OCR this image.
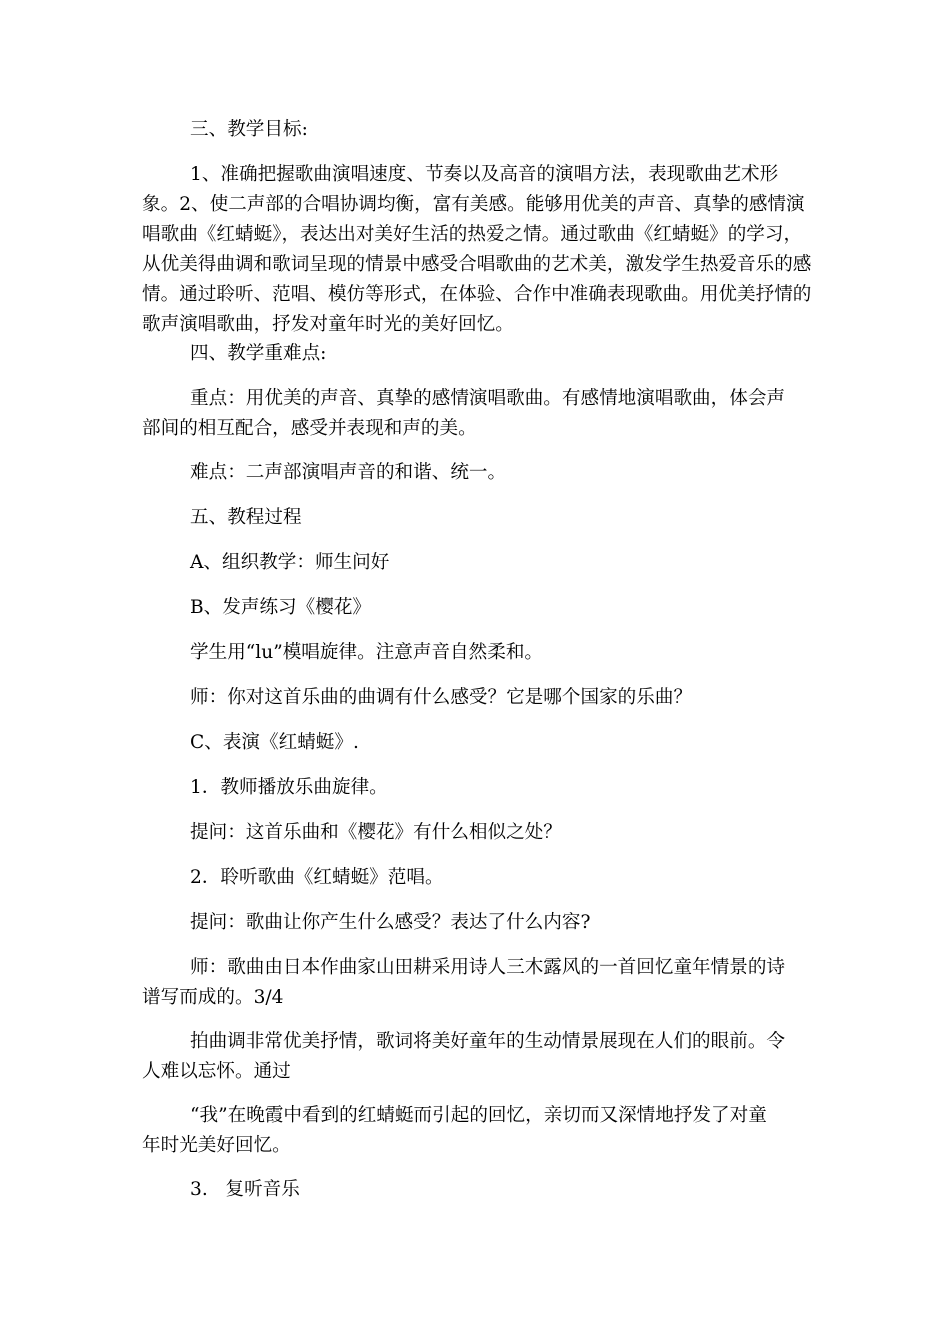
三、教学目标:
1、准确把握歌曲演唱速度、节奏以及高音的演唱方法，表现歌曲艺术形
象。2、使二声部的合唱协调均衡，富有美感。能够用优美的声音、真挚的感情演
唱歌曲《红蜻蜓》，表达出对美好生活的热爱之情。通过歌曲《红蜻蜓》的学习，
从优美得曲调和歌词呈现的情景中感受合唱歌曲的艺术美，激发学生热爱音乐的感
情。通过聆听、范唱、模仿等形式，在体验、合作中准确表现歌曲。用优美抒情的
歌声演唱歌曲，抒发对童年时光的美好回忆。
四、教学重难点:
重点：用优美的声音、真挚的感情演唱歌曲。有感情地演唱歌曲，体会声
部间的相互配合，感受并表现和声的美。
难点：二声部演唱声音的和谐、统一。
五、教程过程
A、组织教学：师生问好
B、发声练习《樱花》
学生用“lu”模唱旋律。注意声音自然柔和。
师：你对这首乐曲的曲调有什么感受？它是哪个国家的乐曲？
C、表演《红蜻蜓》.
1．教师播放乐曲旋律。
提问：这首乐曲和《樱花》有什么相似之处？
2．聆听歌曲《红蜻蜓》范唱。
提问：歌曲让你产生什么感受？表达了什么内容?
师：歌曲由日本作曲家山田耕采用诗人三木露风的一首回忆童年情景的诗
谱写而成的。3/4
拍曲调非常优美抒情，歌词将美好童年的生动情景展现在人们的眼前。令
人难以忘怀。通过
“我”在晚霞中看到的红蜻蜓而引起的回忆，亲切而又深情地抒发了对童
年时光美好回忆。
3.   复听音乐
